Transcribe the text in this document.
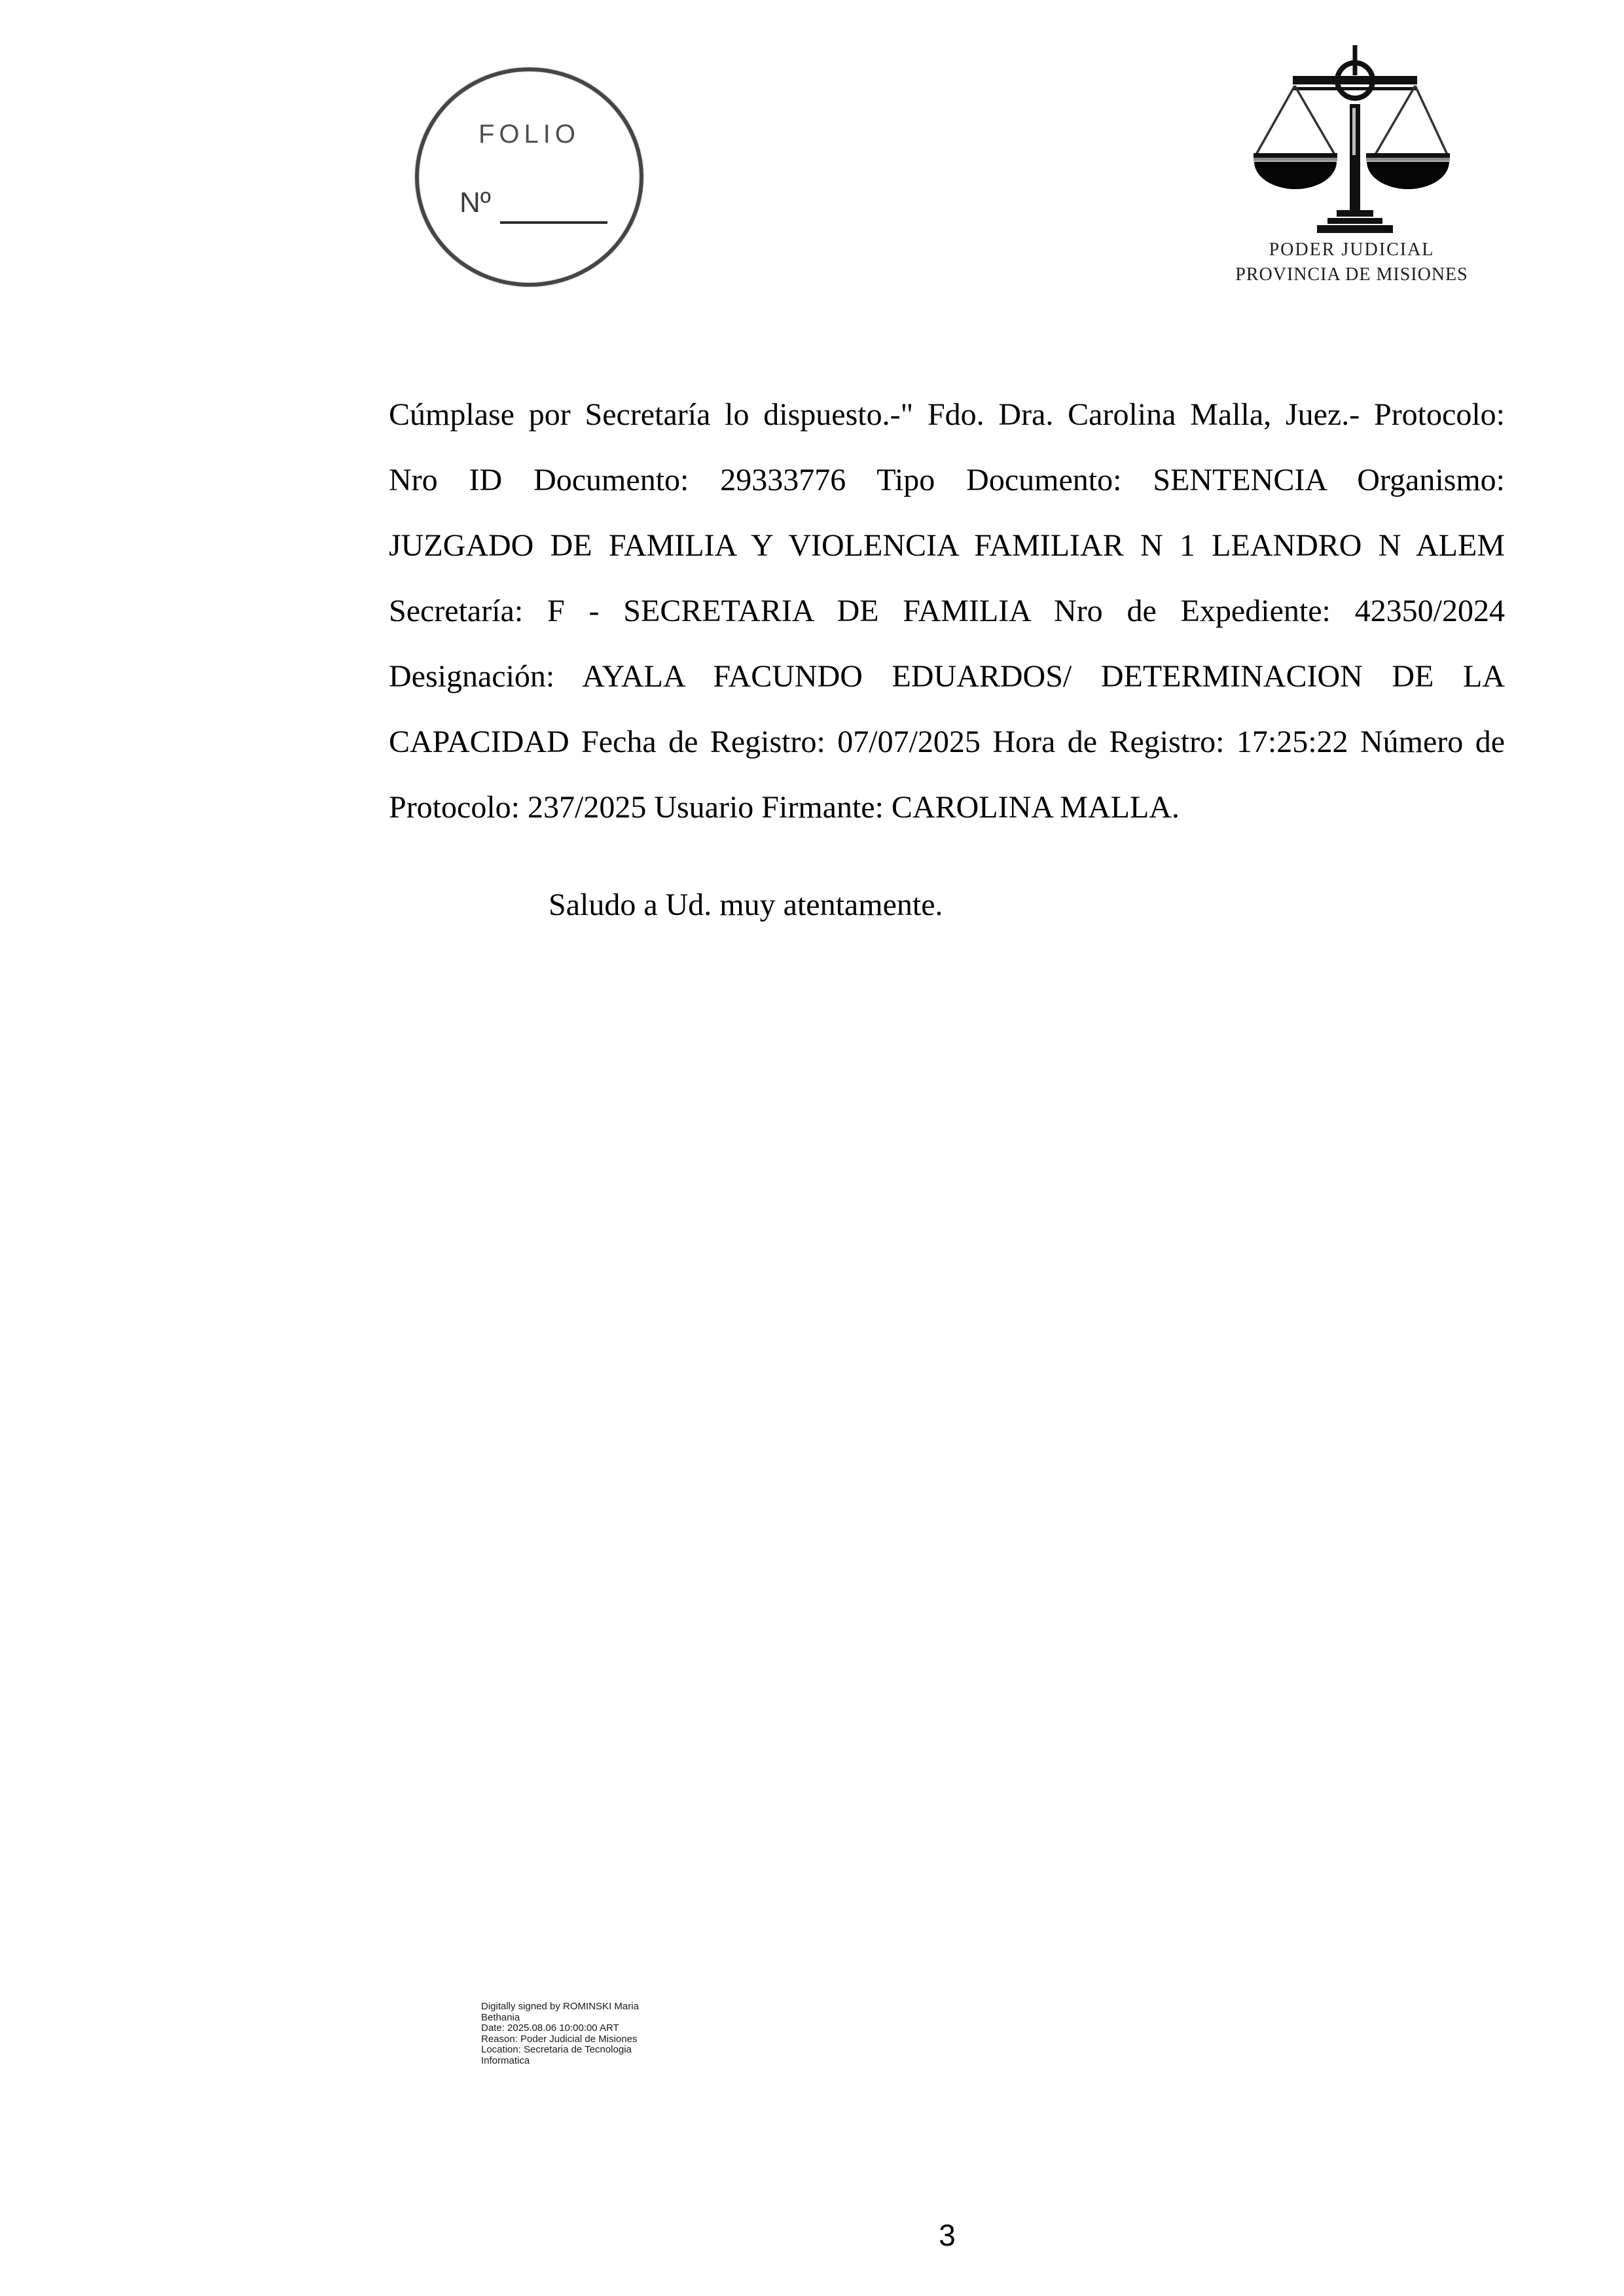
FOLIO
Nº
PODER JUDICIAL
PROVINCIA DE MISIONES
Cúmplase por Secretaría lo dispuesto.-" Fdo. Dra. Carolina Malla, Juez.- Protocolo:
Nro ID Documento: 29333776 Tipo Documento: SENTENCIA Organismo:
JUZGADO DE FAMILIA Y VIOLENCIA FAMILIAR N 1 LEANDRO N ALEM
Secretaría: F - SECRETARIA DE FAMILIA Nro de Expediente: 42350/2024
Designación: AYALA FACUNDO EDUARDOS/ DETERMINACION DE LA
CAPACIDAD Fecha de Registro: 07/07/2025 Hora de Registro: 17:25:22 Número de
Protocolo: 237/2025 Usuario Firmante: CAROLINA MALLA.
Saludo a Ud. muy atentamente.
Digitally signed by ROMINSKI Maria
Bethania
Date: 2025.08.06 10:00:00 ART
Reason: Poder Judicial de Misiones
Location: Secretaria de Tecnologia
Informatica
3
